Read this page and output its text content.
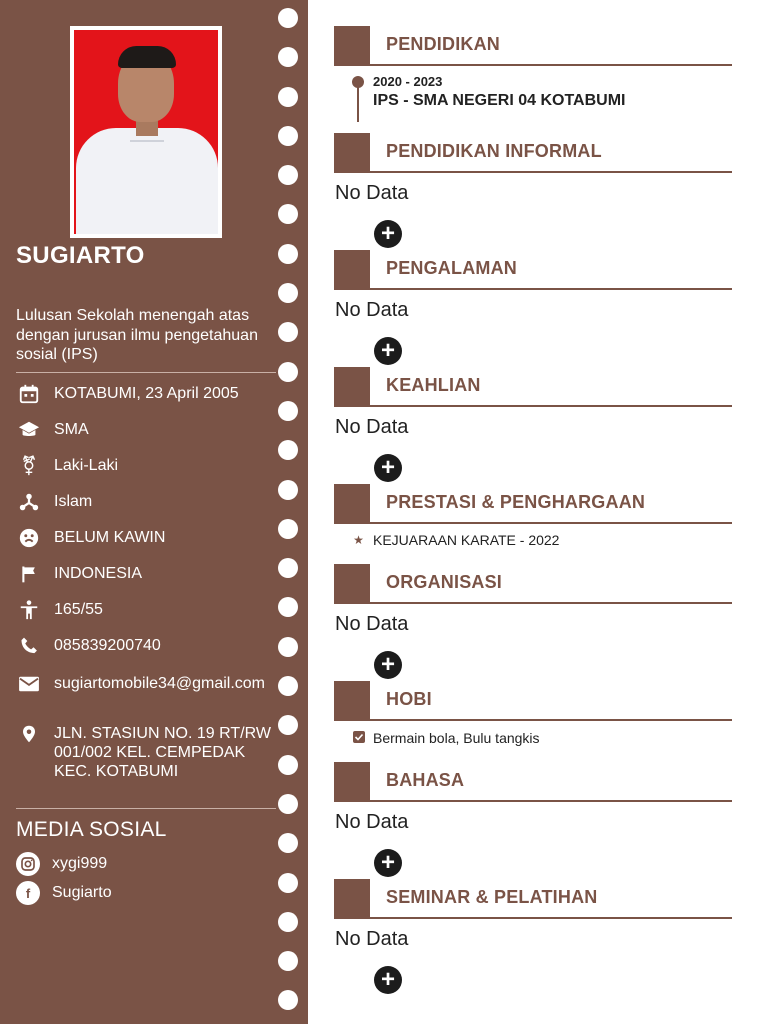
SUGIARTO
Lulusan Sekolah menengah atas dengan jurusan ilmu pengetahuan sosial (IPS)
KOTABUMI, 23 April 2005
SMA
⚧	Laki-Laki
Islam
BELUM KAWIN
INDONESIA
165/55
085839200740
sugiartomobile34@gmail.com
JLN. STASIUN NO. 19 RT/RW 001/002 KEL. CEMPEDAK KEC. KOTABUMI
MEDIA SOSIAL
xygi999
f	Sugiarto
PENDIDIKAN
2020 - 2023
IPS - SMA NEGERI 04 KOTABUMI
PENDIDIKAN INFORMAL
No Data
+
PENGALAMAN
No Data
+
KEAHLIAN
No Data
+
PRESTASI & PENGHARGAAN
★ KEJUARAAN KARATE - 2022
ORGANISASI
No Data
+
HOBI
Bermain bola, Bulu tangkis
BAHASA
No Data
+
SEMINAR & PELATIHAN
No Data
+
